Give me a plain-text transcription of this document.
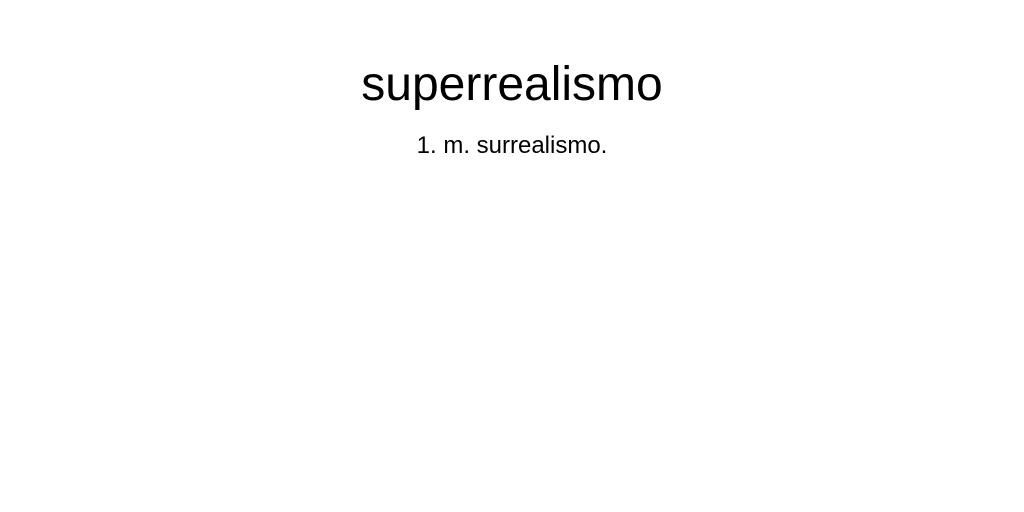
superrealismo

1. m. surrealismo.
